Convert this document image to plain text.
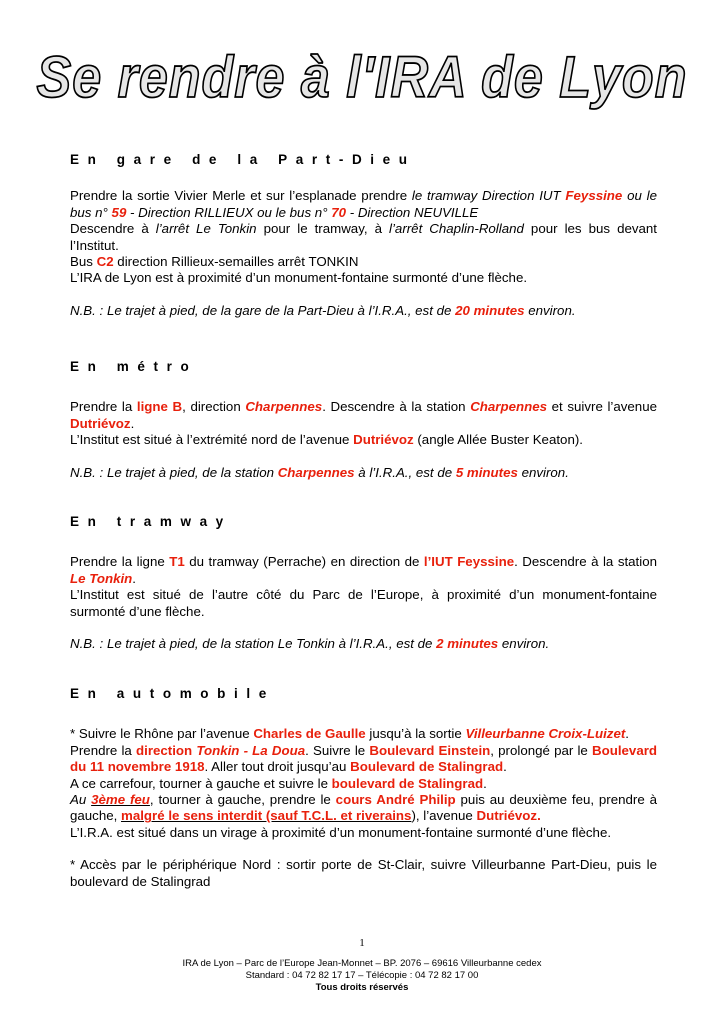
Se rendre à l'IRA de Lyon
En gare de la Part-Dieu

Prendre la sortie Vivier Merle et sur l’esplanade prendre le tramway Direction IUT Feyssine ou le bus n° 59 - Direction RILLIEUX ou le bus n° 70 - Direction NEUVILLE

Descendre à l’arrêt Le Tonkin pour le tramway, à l’arrêt Chaplin-Rolland pour les bus devant l’Institut.

Bus C2 direction Rillieux-semailles arrêt TONKIN

L’IRA de Lyon est à proximité d’un monument-fontaine surmonté d’une flèche.

N.B. : Le trajet à pied, de la gare de la Part-Dieu à l’I.R.A., est de 20 minutes environ.

En métro

Prendre la ligne B, direction Charpennes. Descendre à la station Charpennes et suivre l’avenue Dutriévoz.

L’Institut est situé à l’extrémité nord de l’avenue Dutriévoz (angle Allée Buster Keaton).

N.B. : Le trajet à pied, de la station Charpennes à l’I.R.A., est de 5 minutes environ.

En tramway

Prendre la ligne T1 du tramway (Perrache) en direction de l’IUT Feyssine. Descendre à la station Le Tonkin.

L’Institut est situé de l’autre côté du Parc de l’Europe, à proximité d’un monument-fontaine surmonté d’une flèche.

N.B. : Le trajet à pied, de la station Le Tonkin à l’I.R.A., est de 2 minutes environ.

En automobile

* Suivre le Rhône par l’avenue Charles de Gaulle jusqu’à la sortie Villeurbanne Croix-Luizet.

Prendre la direction Tonkin - La Doua. Suivre le Boulevard Einstein, prolongé par le Boulevard du 11 novembre 1918. Aller tout droit jusqu’au Boulevard de Stalingrad.

A ce carrefour, tourner à gauche et suivre le boulevard de Stalingrad.

Au 3ème feu, tourner à gauche, prendre le cours André Philip puis au deuxième feu, prendre à gauche, malgré le sens interdit (sauf T.C.L. et riverains), l’avenue Dutriévoz.

L’I.R.A. est situé dans un virage à proximité d’un monument-fontaine surmonté d’une flèche.

* Accès par le périphérique Nord : sortir porte de St-Clair, suivre Villeurbanne Part-Dieu, puis le boulevard de Stalingrad

1
IRA de Lyon – Parc de l’Europe Jean-Monnet – BP. 2076 – 69616 Villeurbanne cedex
Standard : 04 72 82 17 17 – Télécopie : 04 72 82 17 00
Tous droits réservés
